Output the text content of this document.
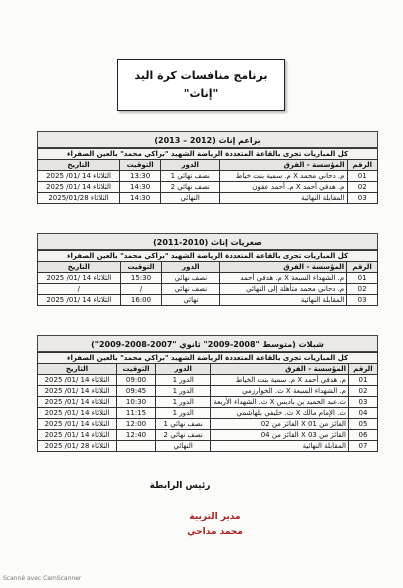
برنامج منافسات كرة اليد
"إناث"
براعم إناث (2012 – 2013)
كل المباريات تجرى بالقاعة المتعددة الرياضة الشهيد "براكي محمد" بالعين الصفراء				
الرقم	المؤسسة - الفرق	الدور	التوقيت	التاريخ
01	م. دحاني محمد X م. سمية بنت خياط	نصف نهائي 1	13:30	الثلاثاء 14 /01/ 2025
02	م. هدفي أحمد X م. أحمد عقون	نصف نهائي 2	14:30	الثلاثاء 14 /01/ 2025
03	المقابلة النهائية	النهائي	14:30	الثلاثاء 2025/01/28
صغريات إناث (2010-2011)
كل المباريات تجرى بالقاعة المتعددة الرياضة الشهيد "براكي محمد" بالعين الصفراء				
الرقم	المؤسسة - الفرق	الدور	التوقيت	التاريخ
01	م. الشهداء السبعة X م. هدفي أحمد	نصف نهائي	15:30	الثلاثاء 14 /01/ 2025
02	م. دحاني محمد متأهلة إلى النهائي	نصف نهائي	/	/
03	المقابلة النهائية	نهائي	16:00	الثلاثاء 14 /01/ 2025
شبلات (متوسط "2008-2009" ثانوي "2007-2008-2009")
كل المباريات تجرى بالقاعة المتعددة الرياضة الشهيد "براكي محمد" بالعين الصفراء				
الرقم	المؤسسة - الفرق	الدور	التوقيت	التاريخ
01	م. هدفي أحمد X م. سمية بنت الخياط	الدور 1	09:00	الثلاثاء 14 /01/ 2025
02	م. الشهداء السبعة X ث. الخوارزمي	الدور 1	09:45	الثلاثاء 14 /01/ 2025
03	ث.عبد الحميد بن باديس X ث. الشهداء الأربعة	الدور 1	10:30	الثلاثاء 14 /01/ 2025
04	ث. الإمام مالك X ث. خليفي بلهاشمي	الدور 1	11:15	الثلاثاء 14 /01/ 2025
05	الفائز من 01 X الفائز من 02	نصف نهائي 1	12:00	الثلاثاء 14 /01/ 2025
06	الفائز من 03 X الفائز من 04	نصف نهائي 2	12:40	الثلاثاء 14 /01/ 2025
07	المقابلة النهائية	النهائي		الثلاثاء 28 /01/ 2025
رئيس الرابطة
مدير التربية
محمد مداحي
Scanné avec CamScanner
